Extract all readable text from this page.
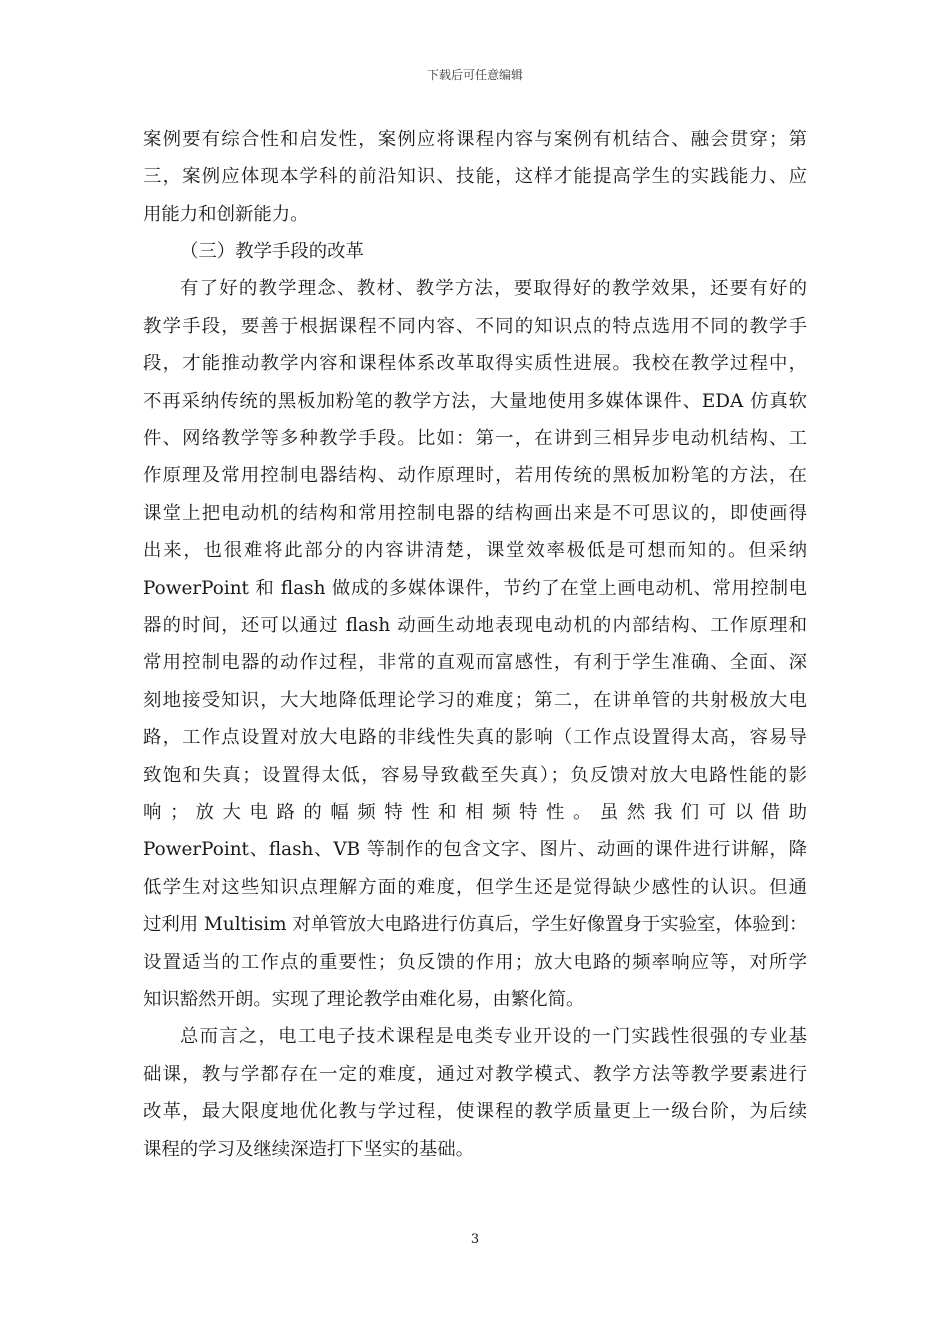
下载后可任意编辑
案例要有综合性和启发性，案例应将课程内容与案例有机结合、融会贯穿；第
三，案例应体现本学科的前沿知识、技能，这样才能提高学生的实践能力、应
用能力和创新能力。
（三）教学手段的改革
有了好的教学理念、教材、教学方法，要取得好的教学效果，还要有好的
教学手段，要善于根据课程不同内容、不同的知识点的特点选用不同的教学手
段，才能推动教学内容和课程体系改革取得实质性进展。我校在教学过程中，
不再采纳传统的黑板加粉笔的教学方法，大量地使用多媒体课件、EDA 仿真软
件、网络教学等多种教学手段。比如：第一，在讲到三相异步电动机结构、工
作原理及常用控制电器结构、动作原理时，若用传统的黑板加粉笔的方法，在
课堂上把电动机的结构和常用控制电器的结构画出来是不可思议的，即使画得
出来，也很难将此部分的内容讲清楚，课堂效率极低是可想而知的。但采纳
PowerPoint 和 flash 做成的多媒体课件，节约了在堂上画电动机、常用控制电
器的时间，还可以通过 flash 动画生动地表现电动机的内部结构、工作原理和
常用控制电器的动作过程，非常的直观而富感性，有利于学生准确、全面、深
刻地接受知识，大大地降低理论学习的难度；第二，在讲单管的共射极放大电
路，工作点设置对放大电路的非线性失真的影响（工作点设置得太高，容易导
致饱和失真；设置得太低，容易导致截至失真）；负反馈对放大电路性能的影
响 ； 放 大 电 路 的 幅 频 特 性 和 相 频 特 性 。 虽 然 我 们 可 以 借 助
PowerPoint、flash、VB 等制作的包含文字、图片、动画的课件进行讲解，降
低学生对这些知识点理解方面的难度，但学生还是觉得缺少感性的认识。但通
过利用 Multisim 对单管放大电路进行仿真后，学生好像置身于实验室，体验到：
设置适当的工作点的重要性；负反馈的作用；放大电路的频率响应等，对所学
知识豁然开朗。实现了理论教学由难化易，由繁化简。
总而言之，电工电子技术课程是电类专业开设的一门实践性很强的专业基
础课，教与学都存在一定的难度，通过对教学模式、教学方法等教学要素进行
改革，最大限度地优化教与学过程，使课程的教学质量更上一级台阶，为后续
课程的学习及继续深造打下坚实的基础。
3
